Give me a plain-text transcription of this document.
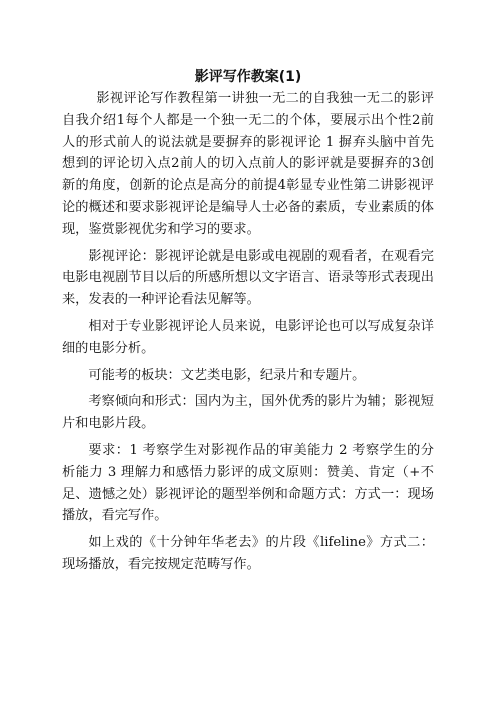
影评写作教案(1)

影视评论写作教程第一讲独一无二的自我独一无二的影评自我介绍1每个人都是一个独一无二的个体，要展示出个性2前人的形式前人的说法就是要摒弃的影视评论 1 摒弃头脑中首先想到的评论切入点2前人的切入点前人的影评就是要摒弃的3创新的角度，创新的论点是高分的前提4彰显专业性第二讲影视评论的概述和要求影视评论是编导人士必备的素质，专业素质的体现，鉴赏影视优劣和学习的要求。

影视评论：影视评论就是电影或电视剧的观看者，在观看完电影电视剧节目以后的所感所想以文字语言、语录等形式表现出来，发表的一种评论看法见解等。

相对于专业影视评论人员来说，电影评论也可以写成复杂详细的电影分析。

可能考的板块：文艺类电影，纪录片和专题片。

考察倾向和形式：国内为主，国外优秀的影片为辅；影视短片和电影片段。

要求：1 考察学生对影视作品的审美能力 2 考察学生的分析能力 3 理解力和感悟力影评的成文原则：赞美、肯定（+不足、遗憾之处）影视评论的题型举例和命题方式：方式一：现场播放，看完写作。

如上戏的《十分钟年华老去》的片段《lifeline》方式二：现场播放，看完按规定范畴写作。
